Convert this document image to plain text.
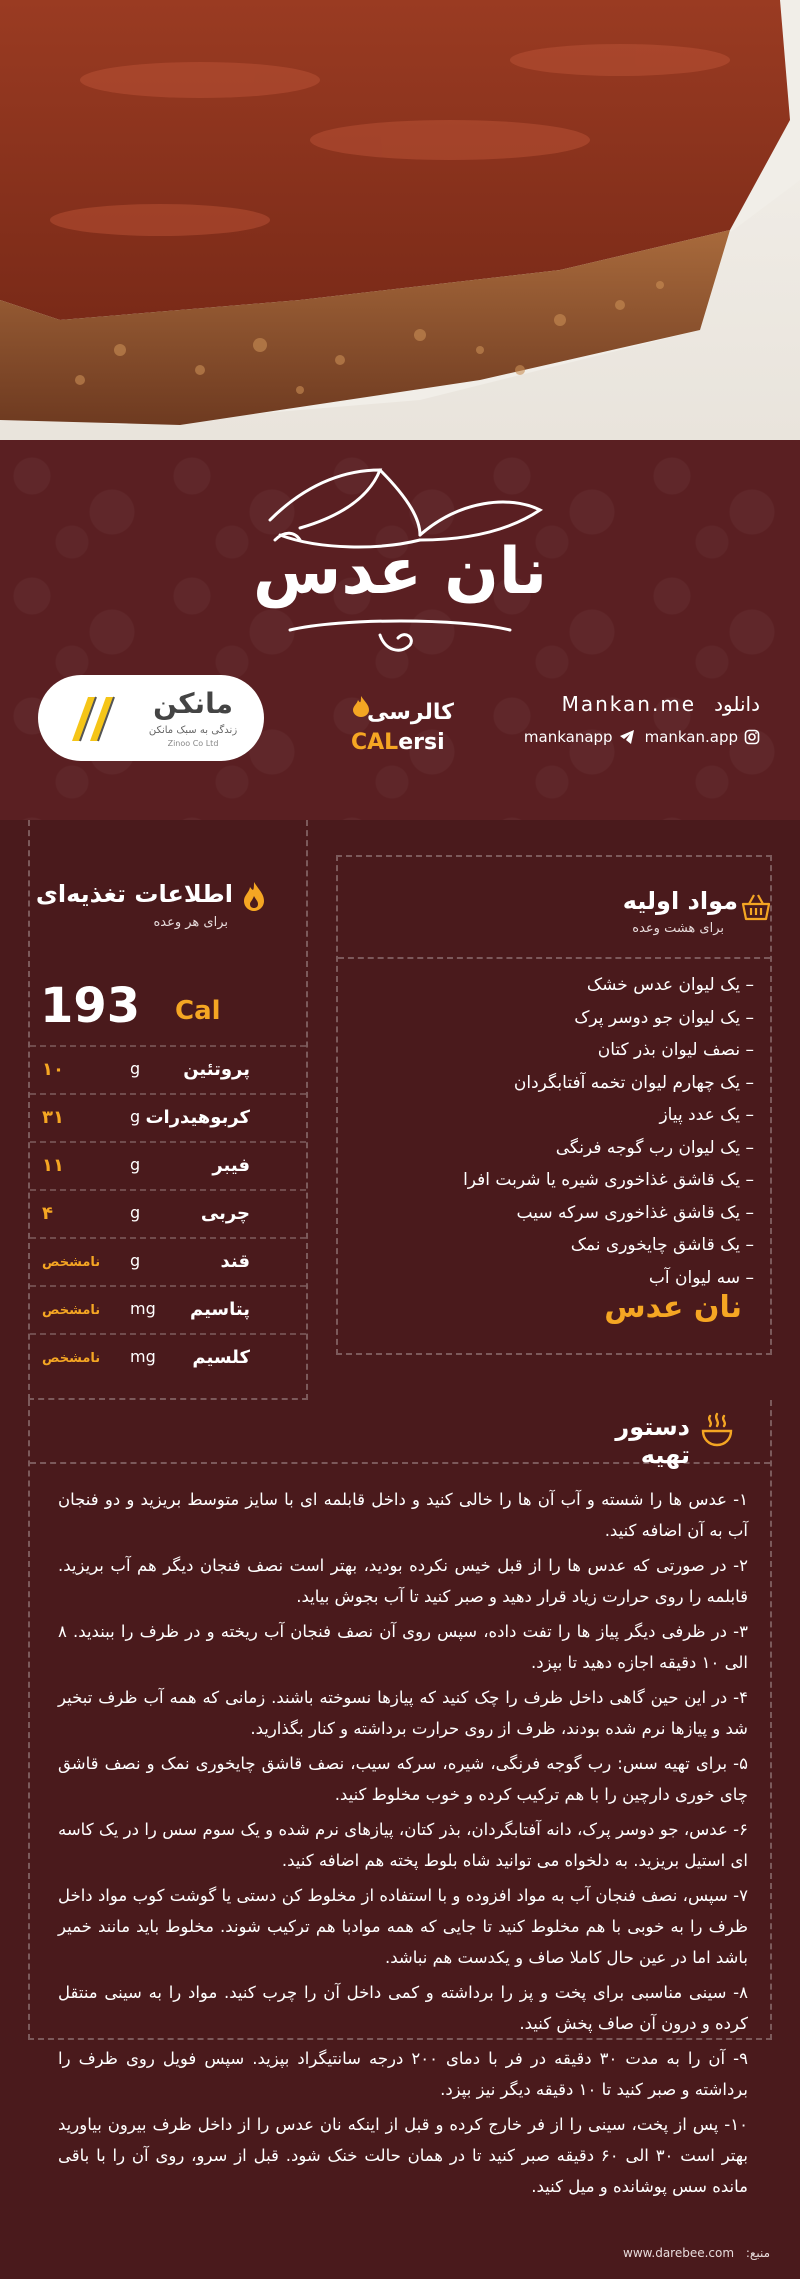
نان عدس
مانکن
زندگی به سبک مانکن
Zinoo Co Ltd
کالرسی
CALersi
Mankan.me دانلود
mankanapp mankan.app
مواد اولیه
برای هشت وعده
– یک لیوان عدس خشک
– یک لیوان جو دوسر پرک
– نصف لیوان بذر کتان
– یک چهارم لیوان تخمه آفتابگردان
– یک عدد پیاز
– یک لیوان رب گوجه فرنگی
– یک قاشق غذاخوری شیره یا شربت افرا
– یک قاشق غذاخوری سرکه سیب
– یک قاشق چایخوری نمک
– سه لیوان آب
اطلاعات تغذیه‌ای
برای هر وعده
193 Cal
پروتئین
g
۱۰
کربوهیدرات
g
۳۱
فیبر
g
۱۱
چربی
g
۴
قند
g
نامشخص
پتاسیم
mg
نامشخص
کلسیم
mg
نامشخص
نان عدس
دستور تهیه

۱- عدس ها را شسته و آب آن ها را خالی کنید و داخل قابلمه ای با سایز متوسط بریزید و دو فنجان آب به آن اضافه کنید.

۲- در صورتی که عدس ها را از قبل خیس نکرده بودید، بهتر است نصف فنجان دیگر هم آب بریزید. قابلمه را روی حرارت زیاد قرار دهید و صبر کنید تا آب بجوش بیاید.

۳- در ظرفی دیگر پیاز ها را تفت داده، سپس روی آن نصف فنجان آب ریخته و در ظرف را ببندید. ۸ الی ۱۰ دقیقه اجازه دهید تا بپزد.

۴- در این حین گاهی داخل ظرف را چک کنید که پیازها نسوخته باشند. زمانی که همه آب ظرف تبخیر شد و پیازها نرم شده بودند، ظرف از روی حرارت برداشته و کنار بگذارید.

۵- برای تهیه سس: رب گوجه فرنگی، شیره، سرکه سیب، نصف قاشق چایخوری نمک و نصف قاشق چای خوری دارچین را با هم ترکیب کرده و خوب مخلوط کنید.

۶- عدس، جو دوسر پرک، دانه آفتابگردان، بذر کتان، پیازهای نرم شده و یک سوم سس را در یک کاسه ای استیل بریزید. به دلخواه می توانید شاه بلوط پخته هم اضافه کنید.

۷- سپس، نصف فنجان آب به مواد افزوده و با استفاده از مخلوط کن دستی یا گوشت کوب مواد داخل ظرف را به خوبی با هم مخلوط کنید تا جایی که همه موادبا هم ترکیب شوند. مخلوط باید مانند خمیر باشد اما در عین حال کاملا صاف و یکدست هم نباشد.

۸- سینی مناسبی برای پخت و پز را برداشته و کمی داخل آن را چرب کنید. مواد را به سینی منتقل کرده و درون آن صاف پخش کنید.

۹- آن را به مدت ۳۰ دقیقه در فر با دمای ۲۰۰ درجه سانتیگراد بپزید. سپس فویل روی ظرف را برداشته و صبر کنید تا ۱۰ دقیقه دیگر نیز بپزد.

۱۰- پس از پخت، سینی را از فر خارج کرده و قبل از اینکه نان عدس را از داخل ظرف بیرون بیاورید بهتر است ۳۰ الی ۶۰ دقیقه صبر کنید تا در همان حالت خنک شود. قبل از سرو، روی آن را با باقی مانده سس پوشانده و میل کنید.

منبع: www.darebee.com
